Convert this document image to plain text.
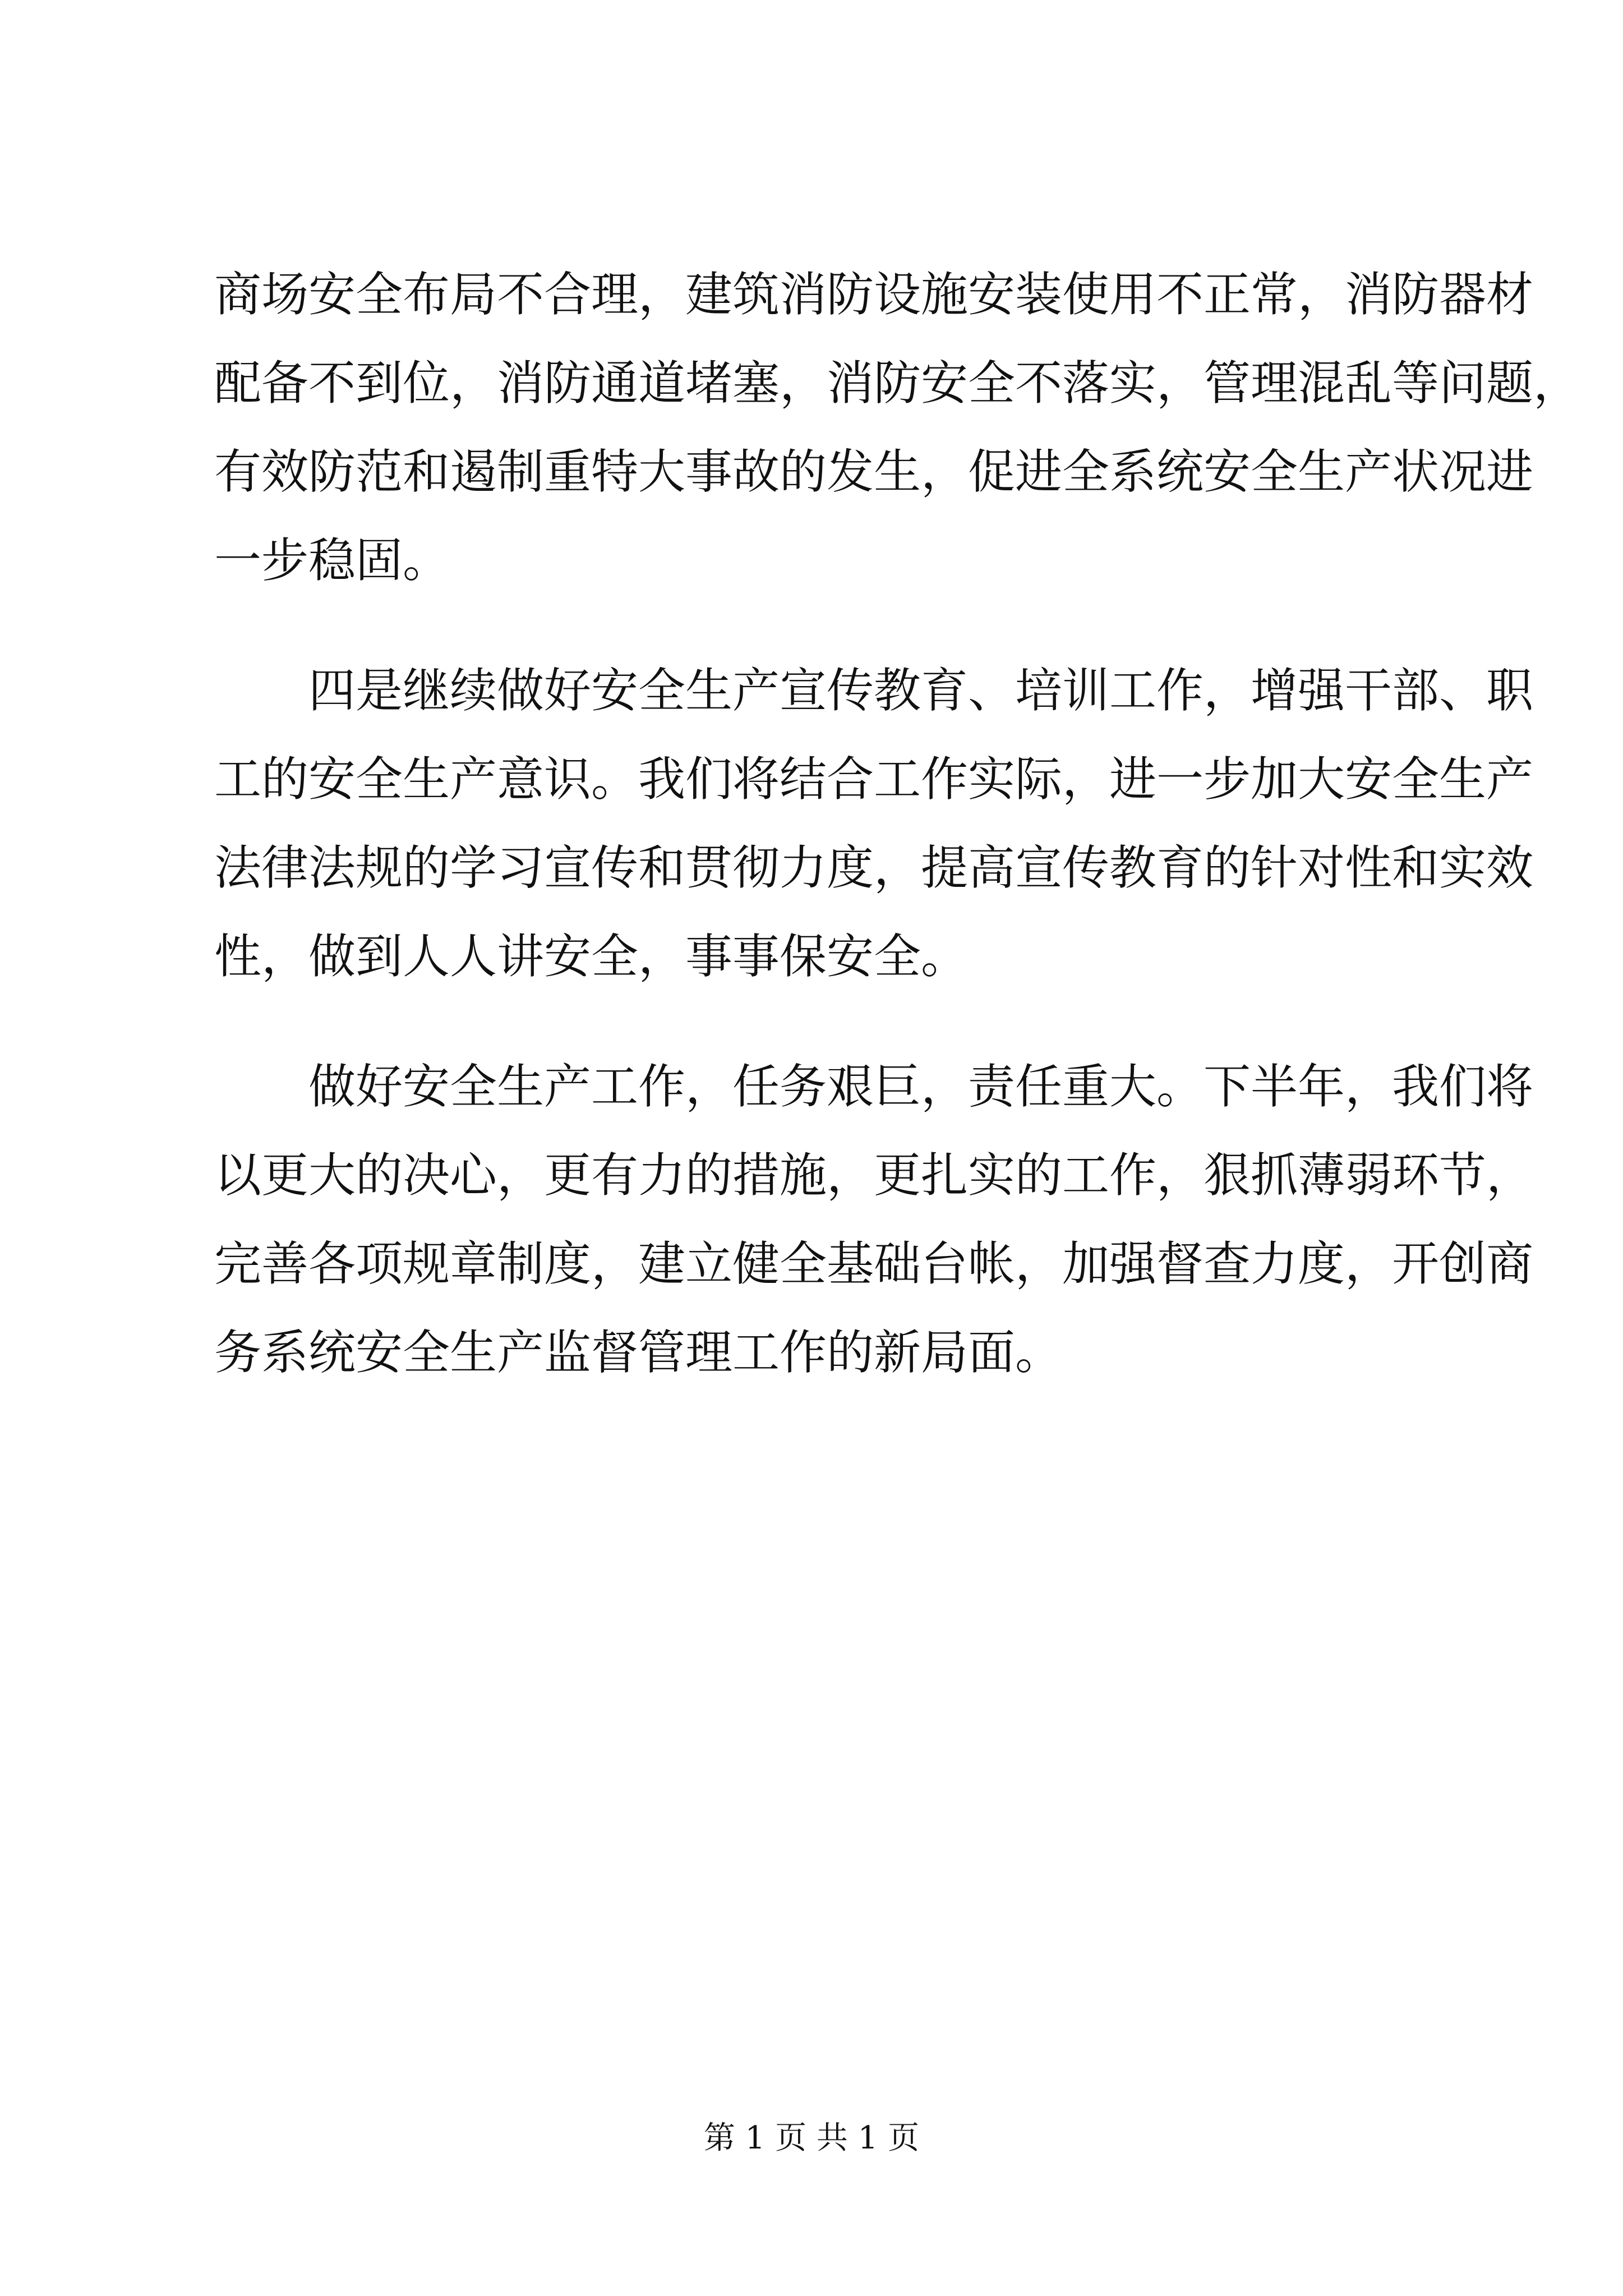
商场安全布局不合理，建筑消防设施安装使用不正常，消防器材
配备不到位，消防通道堵塞，消防安全不落实，管理混乱等问题，
有效防范和遏制重特大事故的发生，促进全系统安全生产状况进
一步稳固。
四是继续做好安全生产宣传教育、培训工作，增强干部、职
工的安全生产意识。我们将结合工作实际，进一步加大安全生产
法律法规的学习宣传和贯彻力度，提高宣传教育的针对性和实效
性，做到人人讲安全，事事保安全。
做好安全生产工作，任务艰巨，责任重大。下半年，我们将
以更大的决心，更有力的措施，更扎实的工作，狠抓薄弱环节，
完善各项规章制度，建立健全基础台帐，加强督查力度，开创商
务系统安全生产监督管理工作的新局面。
第 1 页 共 1 页
